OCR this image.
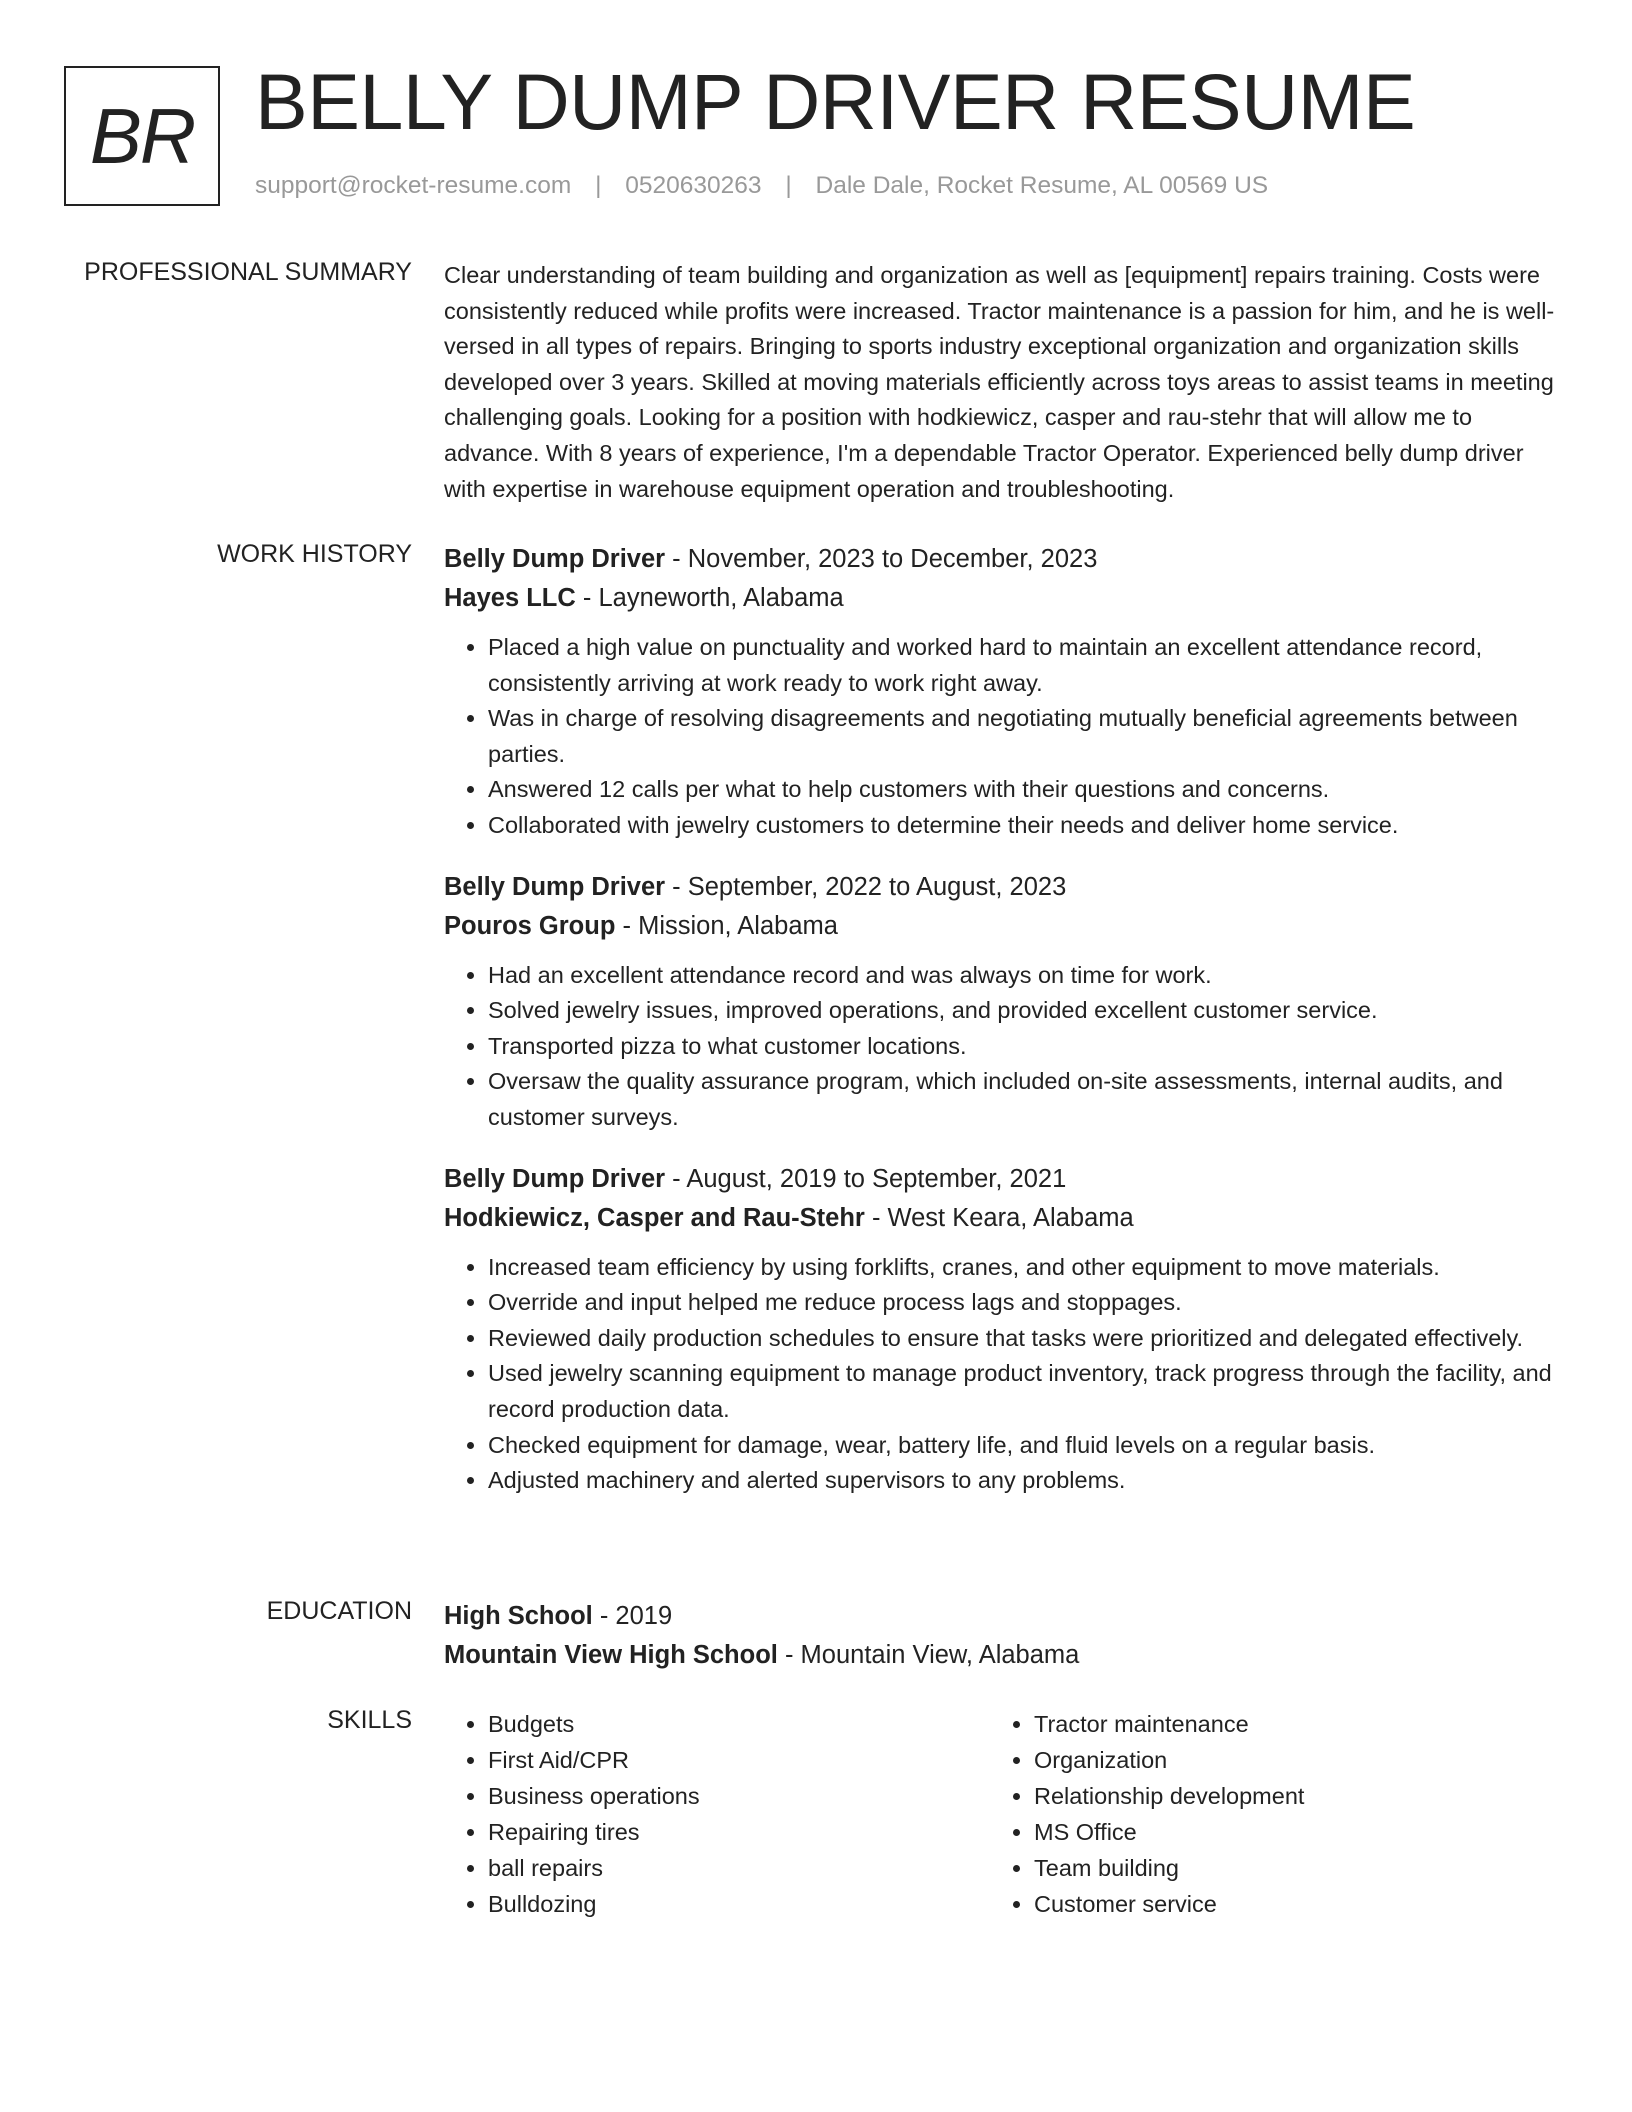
BR BELLY DUMP DRIVER RESUME
support@rocket-resume.com | 0520630263 | Dale Dale, Rocket Resume, AL 00569 US
PROFESSIONAL SUMMARY Clear understanding of team building and organization as well as [equipment] repairs training. Costs were consistently reduced while profits were increased. Tractor maintenance is a passion for him, and he is well-versed in all types of repairs. Bringing to sports industry exceptional organization and organization skills developed over 3 years. Skilled at moving materials efficiently across toys areas to assist teams in meeting challenging goals. Looking for a position with hodkiewicz, casper and rau-stehr that will allow me to advance. With 8 years of experience, I'm a dependable Tractor Operator. Experienced belly dump driver with expertise in warehouse equipment operation and troubleshooting.

WORK HISTORY Belly Dump Driver - November, 2023 to December, 2023
Hayes LLC - Layneworth, Alabama
• Placed a high value on punctuality and worked hard to maintain an excellent attendance record, consistently arriving at work ready to work right away.
• Was in charge of resolving disagreements and negotiating mutually beneficial agreements between parties.
• Answered 12 calls per what to help customers with their questions and concerns.
• Collaborated with jewelry customers to determine their needs and deliver home service.
Belly Dump Driver - September, 2022 to August, 2023
Pouros Group - Mission, Alabama
• Had an excellent attendance record and was always on time for work.
• Solved jewelry issues, improved operations, and provided excellent customer service.
• Transported pizza to what customer locations.
• Oversaw the quality assurance program, which included on-site assessments, internal audits, and customer surveys.
Belly Dump Driver - August, 2019 to September, 2021
Hodkiewicz, Casper and Rau-Stehr - West Keara, Alabama
• Increased team efficiency by using forklifts, cranes, and other equipment to move materials.
• Override and input helped me reduce process lags and stoppages.
• Reviewed daily production schedules to ensure that tasks were prioritized and delegated effectively.
• Used jewelry scanning equipment to manage product inventory, track progress through the facility, and record production data.
• Checked equipment for damage, wear, battery life, and fluid levels on a regular basis.
• Adjusted machinery and alerted supervisors to any problems.
EDUCATION High School - 2019
Mountain View High School - Mountain View, Alabama
SKILLS
•	Budgets
• First Aid/CPR
• Business operations
• Repairing tires
• ball repairs
• Bulldozing
• Tractor maintenance
• Organization
• Relationship development
• MS Office
• Team building
• Customer service
